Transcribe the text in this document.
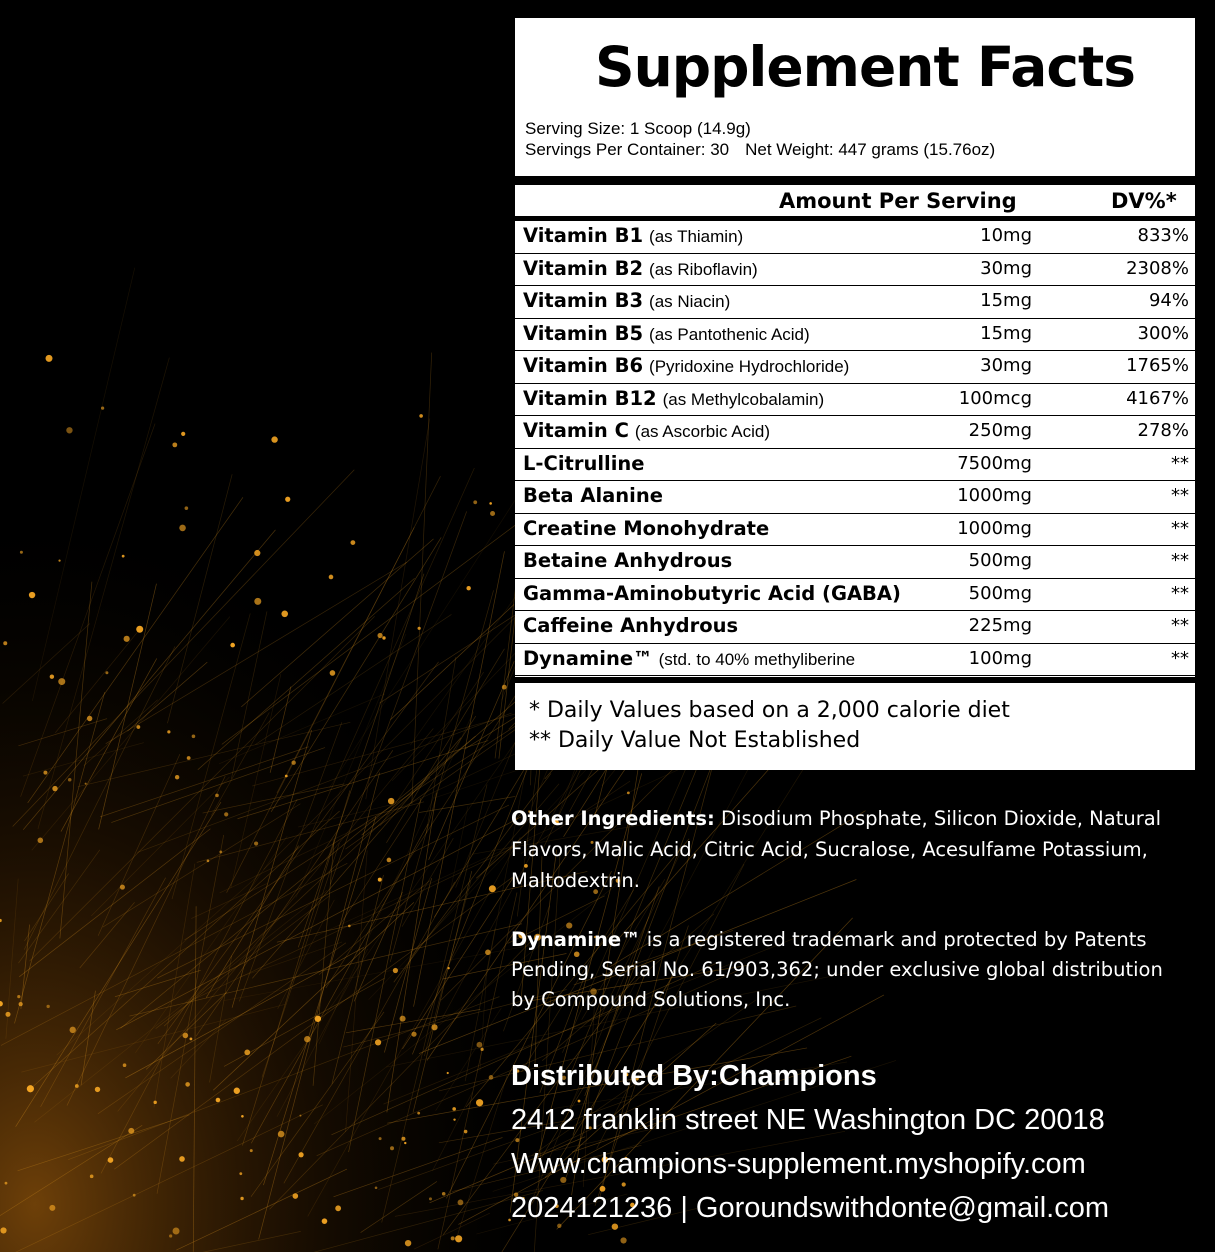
Supplement Facts
Serving Size: 1 Scoop (14.9g)
Servings Per Container: 30 Net Weight: 447 grams (15.76oz)
Amount Per Serving	DV%*
Vitamin B1 (as Thiamin)	10mg	833%
Vitamin B2 (as Riboflavin)	30mg	2308%
Vitamin B3 (as Niacin)	15mg	94%
Vitamin B5 (as Pantothenic Acid)	15mg	300%
Vitamin B6 (Pyridoxine Hydrochloride)	30mg	1765%
Vitamin B12 (as Methylcobalamin)	100mcg	4167%
Vitamin C (as Ascorbic Acid)	250mg	278%
L-Citrulline	7500mg	**
Beta Alanine	1000mg	**
Creatine Monohydrate	1000mg	**
Betaine Anhydrous	500mg	**
Gamma-Aminobutyric Acid (GABA)	500mg	**
Caffeine Anhydrous	225mg	**
Dynamine™ (std. to 40% methyliberine	100mg	**
* Daily Values based on a 2,000 calorie diet
** Daily Value Not Established
Other Ingredients: Disodium Phosphate, Silicon Dioxide, Natural Flavors, Malic Acid, Citric Acid, Sucralose, Acesulfame Potassium, Maltodextrin.
Dynamine™ is a registered trademark and protected by Patents Pending, Serial No. 61/903,362; under exclusive global distribution by Compound Solutions, Inc.
Distributed By:Champions
2412 franklin street NE Washington DC 20018
Www.champions-supplement.myshopify.com
2024121236 | Goroundswithdonte@gmail.com
